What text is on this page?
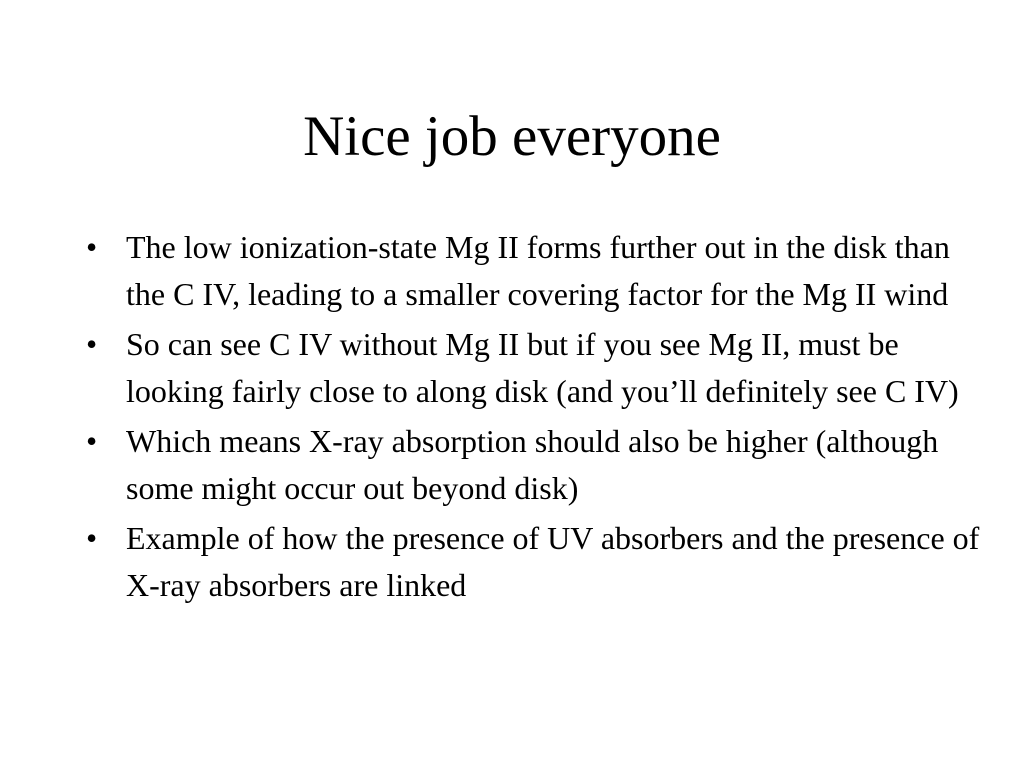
Nice job everyone
• The low ionization-state Mg II forms further out in the disk than the C IV, leading to a smaller covering factor for the Mg II wind
• So can see C IV without Mg II but if you see Mg II, must be looking fairly close to along disk (and you’ll definitely see C IV)
• Which means X-ray absorption should also be higher (although some might occur out beyond disk)
• Example of how the presence of UV absorbers and the presence of X-ray absorbers are linked
